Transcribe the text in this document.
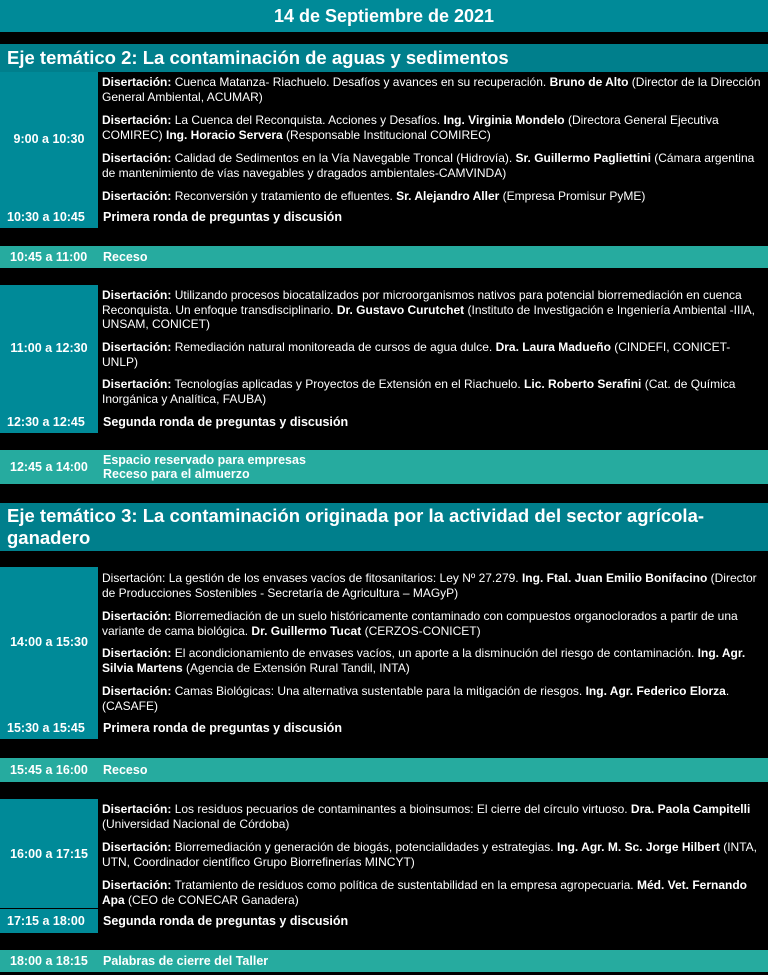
14 de Septiembre de 2021
Eje temático 2: La contaminación de aguas y sedimentos
9:00 a 10:30
Disertación: Cuenca Matanza- Riachuelo. Desafíos y avances en su recuperación. Bruno de Alto (Director de la Dirección General Ambiental, ACUMAR)
Disertación: La Cuenca del Reconquista. Acciones y Desafíos. Ing. Virginia Mondelo (Directora General Ejecutiva COMIREC) Ing. Horacio Servera (Responsable Institucional COMIREC)
Disertación: Calidad de Sedimentos en la Vía Navegable Troncal (Hidrovía). Sr. Guillermo Pagliettini (Cámara argentina de mantenimiento de vías navegables y dragados ambientales-CAMVINDA)
Disertación: Reconversión y tratamiento de efluentes. Sr. Alejandro Aller (Empresa Promisur PyME)
10:30 a 10:45	Primera ronda de preguntas y discusión
10:45 a 11:00 Receso
11:00 a 12:30
Disertación: Utilizando procesos biocatalizados por microorganismos nativos para potencial biorremediación en cuenca Reconquista. Un enfoque transdisciplinario. Dr. Gustavo Curutchet (Instituto de Investigación e Ingeniería Ambiental -IIIA, UNSAM, CONICET)
Disertación: Remediación natural monitoreada de cursos de agua dulce. Dra. Laura Madueño (CINDEFI, CONICET-UNLP)
Disertación: Tecnologías aplicadas y Proyectos de Extensión en el Riachuelo. Lic. Roberto Serafini (Cat. de Química Inorgánica y Analítica, FAUBA)
12:30 a 12:45	Segunda ronda de preguntas y discusión
12:45 a 14:00 Espacio reservado para empresas
Receso para el almuerzo
Eje temático 3: La contaminación originada por la actividad del sector agrícola-
ganadero
14:00 a 15:30
Disertación: La gestión de los envases vacíos de fitosanitarios: Ley Nº 27.279. Ing. Ftal. Juan Emilio Bonifacino (Director de Producciones Sostenibles - Secretaría de Agricultura – MAGyP)
Disertación: Biorremediación de un suelo históricamente contaminado con compuestos organoclorados a partir de una variante de cama biológica. Dr. Guillermo Tucat (CERZOS-CONICET)
Disertación: El acondicionamiento de envases vacíos, un aporte a la disminución del riesgo de contaminación. Ing. Agr. Silvia Martens (Agencia de Extensión Rural Tandil, INTA)
Disertación: Camas Biológicas: Una alternativa sustentable para la mitigación de riesgos. Ing. Agr. Federico Elorza. (CASAFE)
15:30 a 15:45	Primera ronda de preguntas y discusión
15:45 a 16:00 Receso
16:00 a 17:15
Disertación: Los residuos pecuarios de contaminantes a bioinsumos: El cierre del círculo virtuoso. Dra. Paola Campitelli (Universidad Nacional de Córdoba)
Disertación: Biorremediación y generación de biogás, potencialidades y estrategias. Ing. Agr. M. Sc. Jorge Hilbert (INTA, UTN, Coordinador científico Grupo Biorrefinerías MINCYT)
Disertación: Tratamiento de residuos como política de sustentabilidad en la empresa agropecuaria. Méd. Vet. Fernando Apa (CEO de CONECAR Ganadera)
17:15 a 18:00	Segunda ronda de preguntas y discusión
18:00 a 18:15 Palabras de cierre del Taller
